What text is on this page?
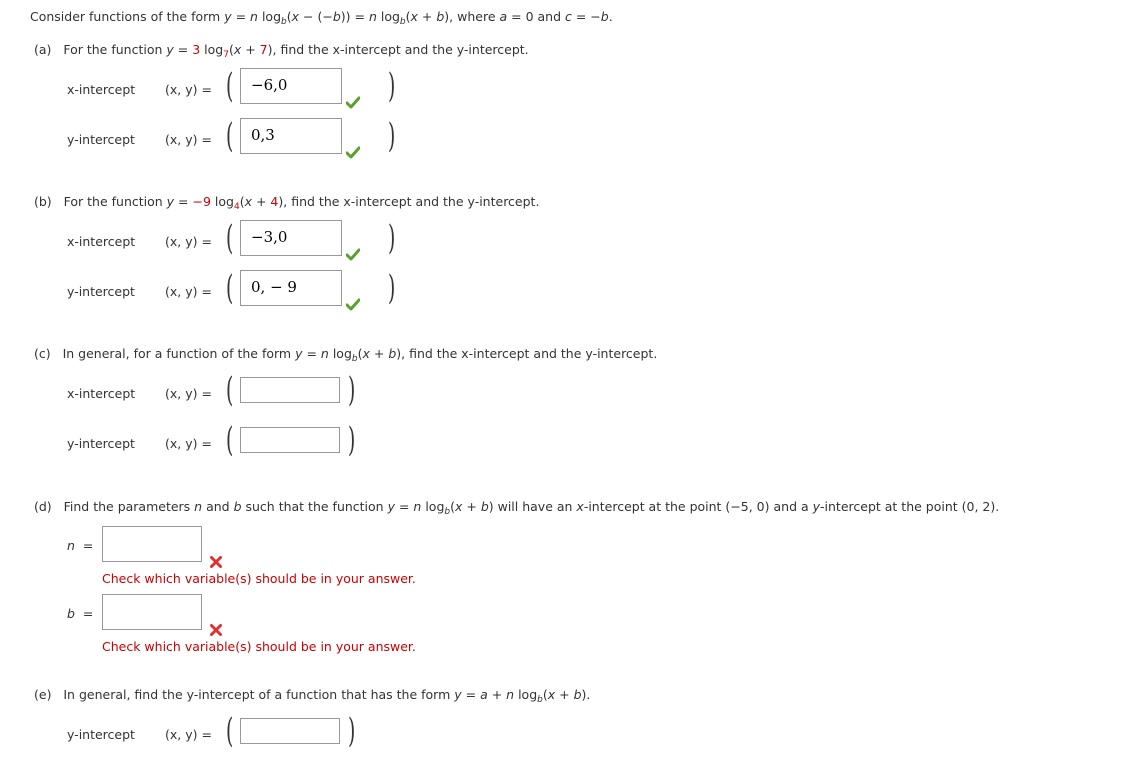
Consider functions of the form y = n $\log_b(x - (-b)) = n$ $\log_b(x + b)$, where a = 0 and c = −b.
(a) For the function y = 3 $\log_7(x + 7)$, find the x-intercept and the y-intercept.
x-intercept (x, y) = (	−6,0	)
y-intercept (x, y) = (	0,3	)
(b) For the function y = −9 $\log_4(x + 4)$, find the x-intercept and the y-intercept.
x-intercept (x, y) = (	−3,0	)
y-intercept (x, y) = (	0, − 9	)
(c) In general, for a function of the form y = n $\log_b(x + b)$, find the x-intercept and the y-intercept.
x-intercept (x, y) = (	)
y-intercept (x, y) = (	)
(d)   Find the parameters n and b such that the function y = n $\log_b(x + b)$ will have an x-intercept at the point (−5, 0) and a y-intercept at the point (0, 2).
n  =
Check which variable(s) should be in your answer.
b  =
Check which variable(s) should be in your answer.
(e) In general, find the y-intercept of a function that has the form y = a + n $\log_b(x + b)$.
y-intercept (x, y) = (	)
